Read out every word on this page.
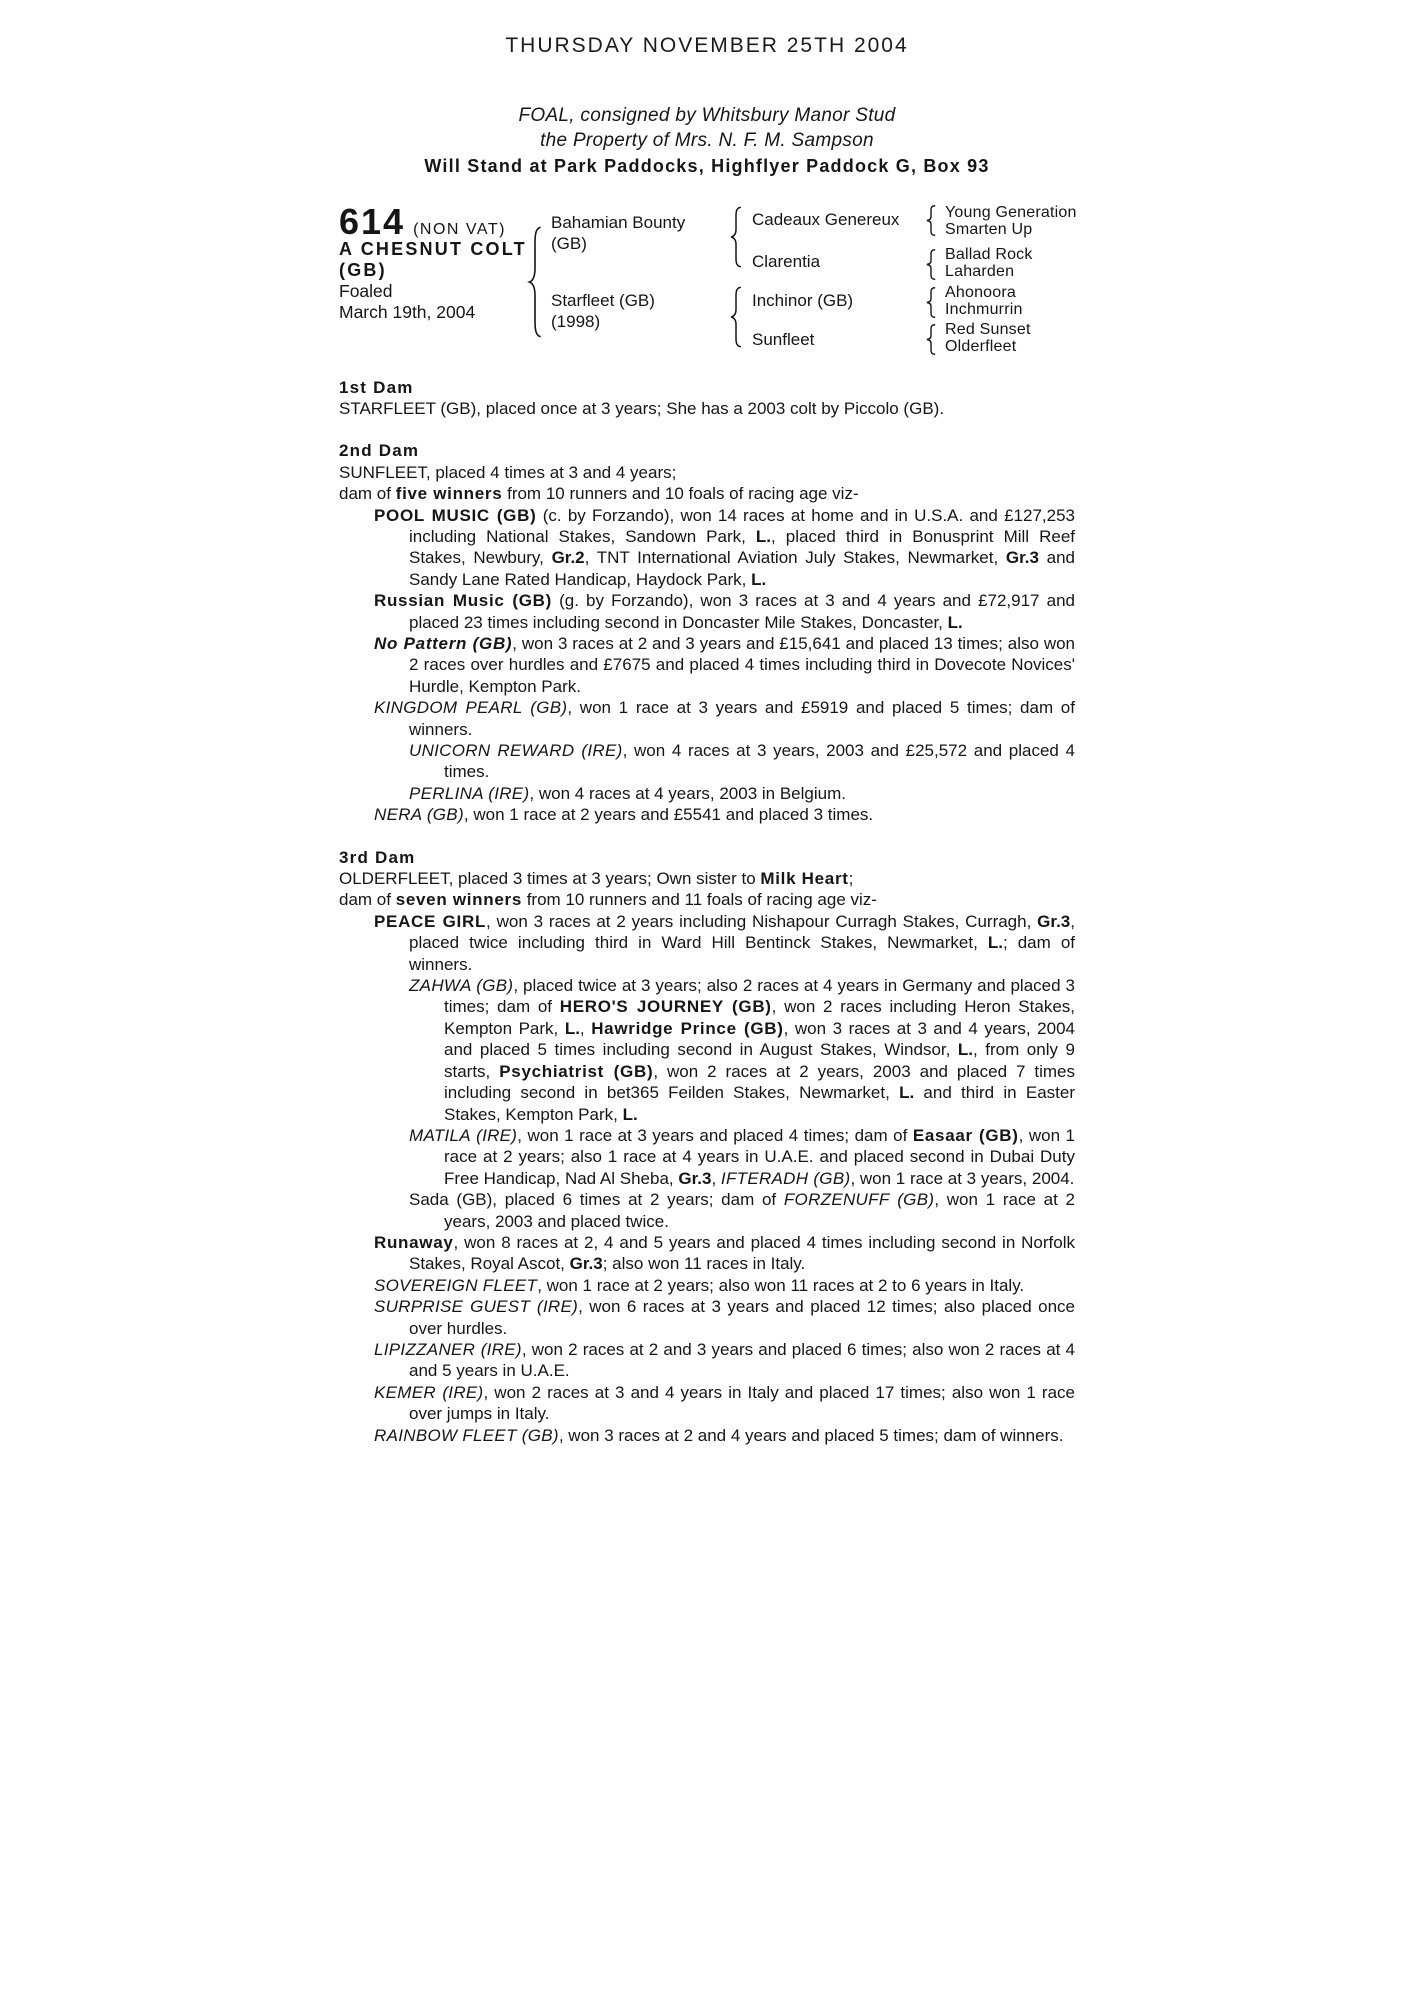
THURSDAY NOVEMBER 25TH 2004
FOAL, consigned by Whitsbury Manor Stud
the Property of Mrs. N. F. M. Sampson
Will Stand at Park Paddocks, Highflyer Paddock G, Box 93
614 (NON VAT)
A CHESNUT COLT
(GB)
Foaled
March 19th, 2004
Bahamian Bounty
(GB)
Starfleet (GB)
(1998)
Cadeaux Genereux
Clarentia
Inchinor (GB)
Sunfleet
Young Generation
Smarten Up
Ballad Rock
Laharden
Ahonoora
Inchmurrin
Red Sunset
Olderfleet

1st Dam

STARFLEET (GB), placed once at 3 years; She has a 2003 colt by Piccolo (GB).

2nd Dam

SUNFLEET, placed 4 times at 3 and 4 years;

dam of five winners from 10 runners and 10 foals of racing age viz-

POOL MUSIC (GB) (c. by Forzando), won 14 races at home and in U.S.A. and £127,253 including National Stakes, Sandown Park, L., placed third in Bonusprint Mill Reef Stakes, Newbury, Gr.2, TNT International Aviation July Stakes, Newmarket, Gr.3 and Sandy Lane Rated Handicap, Haydock Park, L.

Russian Music (GB) (g. by Forzando), won 3 races at 3 and 4 years and £72,917 and placed 23 times including second in Doncaster Mile Stakes, Doncaster, L.

No Pattern (GB), won 3 races at 2 and 3 years and £15,641 and placed 13 times; also won 2 races over hurdles and £7675 and placed 4 times including third in Dovecote Novices' Hurdle, Kempton Park.

KINGDOM PEARL (GB), won 1 race at 3 years and £5919 and placed 5 times; dam of winners.

UNICORN REWARD (IRE), won 4 races at 3 years, 2003 and £25,572 and placed 4 times.

PERLINA (IRE), won 4 races at 4 years, 2003 in Belgium.

NERA (GB), won 1 race at 2 years and £5541 and placed 3 times.

3rd Dam

OLDERFLEET, placed 3 times at 3 years; Own sister to Milk Heart;

dam of seven winners from 10 runners and 11 foals of racing age viz-

PEACE GIRL, won 3 races at 2 years including Nishapour Curragh Stakes, Curragh, Gr.3, placed twice including third in Ward Hill Bentinck Stakes, Newmarket, L.; dam of winners.

ZAHWA (GB), placed twice at 3 years; also 2 races at 4 years in Germany and placed 3 times; dam of HERO'S JOURNEY (GB), won 2 races including Heron Stakes, Kempton Park, L., Hawridge Prince (GB), won 3 races at 3 and 4 years, 2004 and placed 5 times including second in August Stakes, Windsor, L., from only 9 starts, Psychiatrist (GB), won 2 races at 2 years, 2003 and placed 7 times including second in bet365 Feilden Stakes, Newmarket, L. and third in Easter Stakes, Kempton Park, L.

MATILA (IRE), won 1 race at 3 years and placed 4 times; dam of Easaar (GB), won 1 race at 2 years; also 1 race at 4 years in U.A.E. and placed second in Dubai Duty Free Handicap, Nad Al Sheba, Gr.3, IFTERADH (GB), won 1 race at 3 years, 2004.

Sada (GB), placed 6 times at 2 years; dam of FORZENUFF (GB), won 1 race at 2 years, 2003 and placed twice.

Runaway, won 8 races at 2, 4 and 5 years and placed 4 times including second in Norfolk Stakes, Royal Ascot, Gr.3; also won 11 races in Italy.

SOVEREIGN FLEET, won 1 race at 2 years; also won 11 races at 2 to 6 years in Italy.

SURPRISE GUEST (IRE), won 6 races at 3 years and placed 12 times; also placed once over hurdles.

LIPIZZANER (IRE), won 2 races at 2 and 3 years and placed 6 times; also won 2 races at 4 and 5 years in U.A.E.

KEMER (IRE), won 2 races at 3 and 4 years in Italy and placed 17 times; also won 1 race over jumps in Italy.

RAINBOW FLEET (GB), won 3 races at 2 and 4 years and placed 5 times; dam of winners.
